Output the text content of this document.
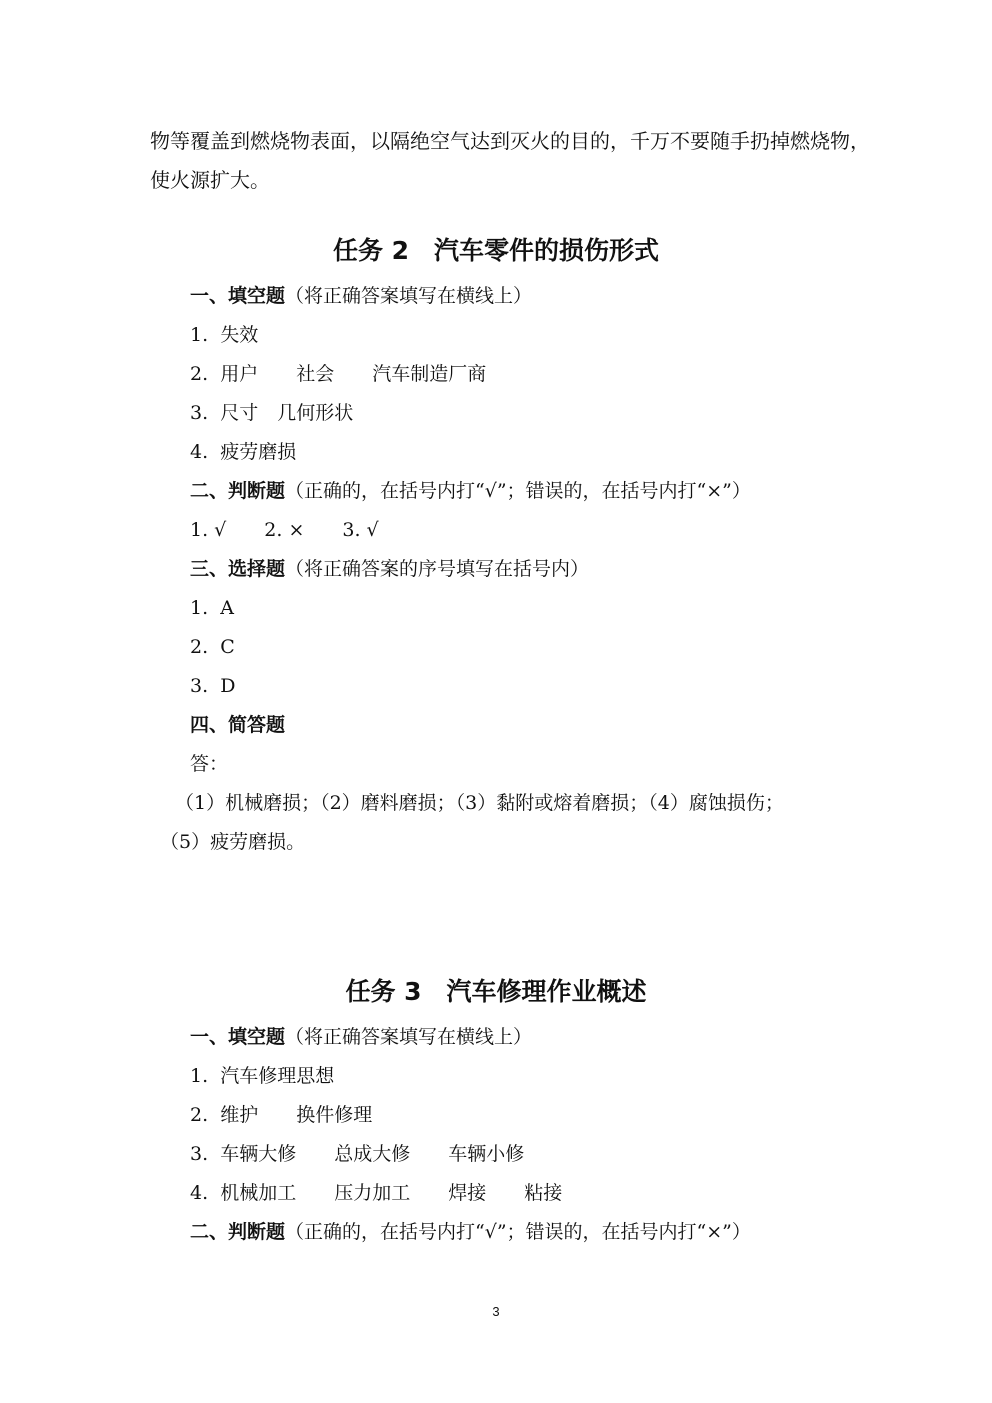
物等覆盖到燃烧物表面，以隔绝空气达到灭火的目的，千万不要随手扔掉燃烧物，
使火源扩大。
任务 2　汽车零件的损伤形式
一、填空题（将正确答案填写在横线上）
1.  失效
2.  用户　　社会　　汽车制造厂商
3.  尺寸　几何形状
4.  疲劳磨损
二、判断题（正确的，在括号内打“√”；错误的，在括号内打“×”）
1. √　　2. ×　　3. √
三、选择题（将正确答案的序号填写在括号内）
1.  A
2.  C
3.  D
四、简答题
答：
（1）机械磨损；（2）磨料磨损；（3）黏附或熔着磨损；（4）腐蚀损伤；
（5）疲劳磨损。
任务 3　汽车修理作业概述
一、填空题（将正确答案填写在横线上）
1.  汽车修理思想
2.  维护　　换件修理
3.  车辆大修　　总成大修　　车辆小修
4.  机械加工　　压力加工　　焊接　　粘接
二、判断题（正确的，在括号内打“√”；错误的，在括号内打“×”）
3
